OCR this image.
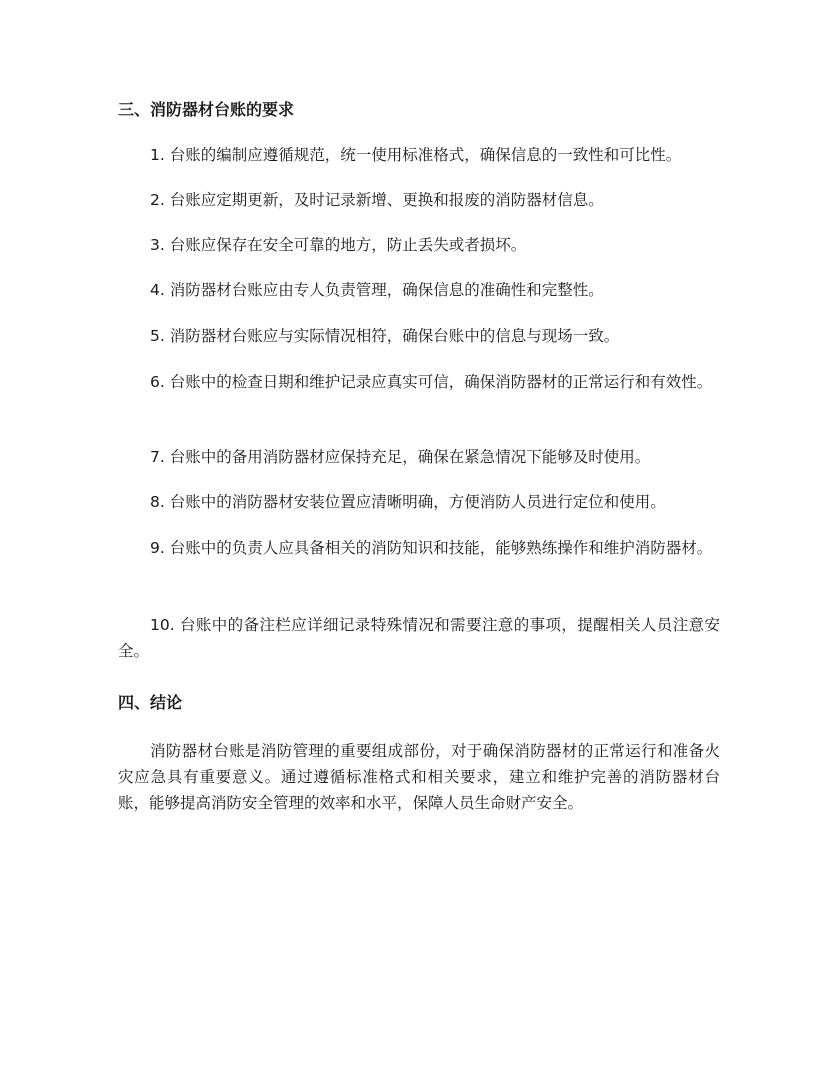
三、消防器材台账的要求

1. 台账的编制应遵循规范，统一使用标准格式，确保信息的一致性和可比性。

2. 台账应定期更新，及时记录新增、更换和报废的消防器材信息。

3. 台账应保存在安全可靠的地方，防止丢失或者损坏。

4. 消防器材台账应由专人负责管理，确保信息的准确性和完整性。

5. 消防器材台账应与实际情况相符，确保台账中的信息与现场一致。

6. 台账中的检查日期和维护记录应真实可信，确保消防器材的正常运行和有效性。

7. 台账中的备用消防器材应保持充足，确保在紧急情况下能够及时使用。

8. 台账中的消防器材安装位置应清晰明确，方便消防人员进行定位和使用。

9. 台账中的负责人应具备相关的消防知识和技能，能够熟练操作和维护消防器材。

10. 台账中的备注栏应详细记录特殊情况和需要注意的事项，提醒相关人员注意安全。

四、结论

消防器材台账是消防管理的重要组成部份，对于确保消防器材的正常运行和准备火灾应急具有重要意义。通过遵循标准格式和相关要求，建立和维护完善的消防器材台账，能够提高消防安全管理的效率和水平，保障人员生命财产安全。
